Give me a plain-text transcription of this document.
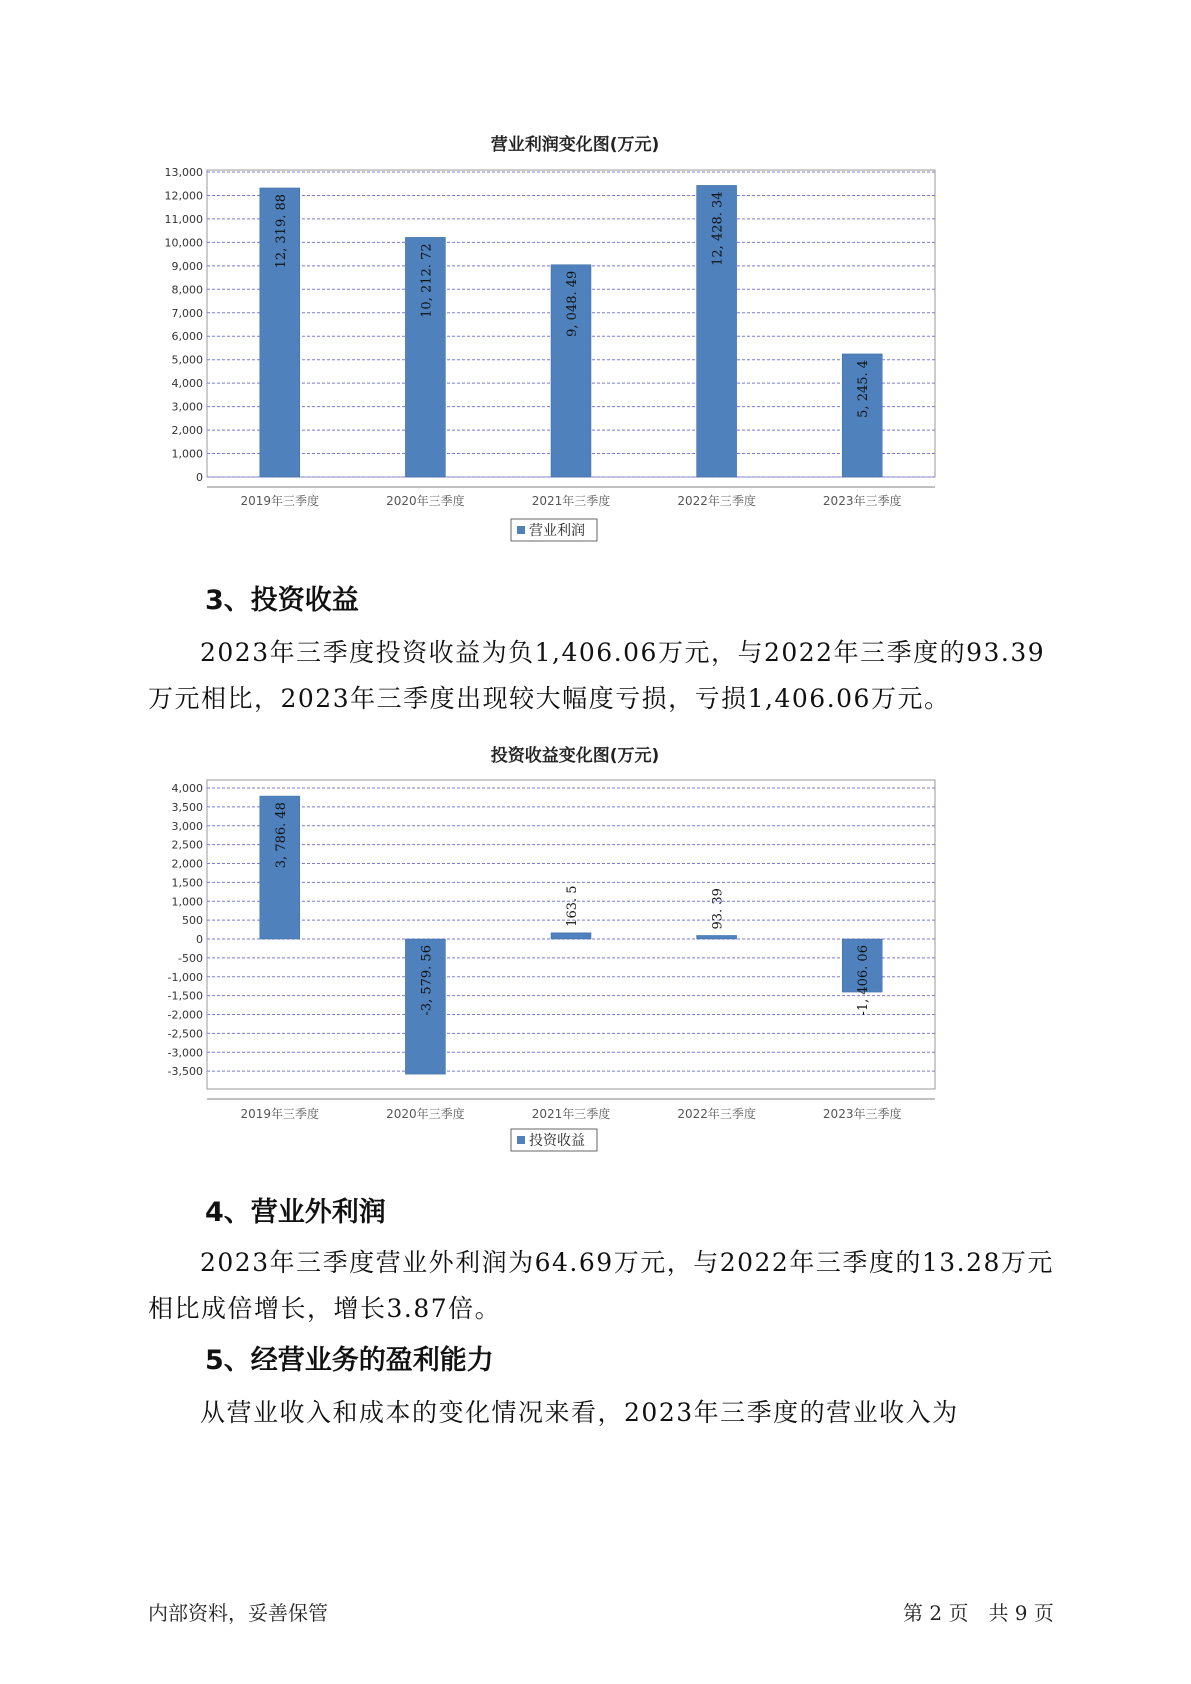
营业利润变化图(万元)
0
1,000
2,000
3,000
4,000
5,000
6,000
7,000
8,000
9,000
10,000
11,000
12,000
13,000
12, 319. 88
2019年三季度
10, 212. 72
2020年三季度
9, 048. 49
2021年三季度
12, 428. 34
2022年三季度
5, 245. 4
2023年三季度
营业利润
3、投资收益
2023年三季度投资收益为负1,406.06万元，与2022年三季度的93.39万元相比，2023年三季度出现较大幅度亏损，亏损1,406.06万元。
投资收益变化图(万元)
4,000
3,500
3,000
2,500
2,000
1,500
1,000
500
0
-500
-1,000
-1,500
-2,000
-2,500
-3,000
-3,500
3, 786. 48
2019年三季度
-3, 579. 56
2020年三季度
163. 5
2021年三季度
93. 39
2022年三季度
-1, 406. 06
2023年三季度
投资收益
4、营业外利润
2023年三季度营业外利润为64.69万元，与2022年三季度的13.28万元相比成倍增长，增长3.87倍。
5、经营业务的盈利能力
从营业收入和成本的变化情况来看，2023年三季度的营业收入为
内部资料，妥善保管	第 2 页　共 9 页
